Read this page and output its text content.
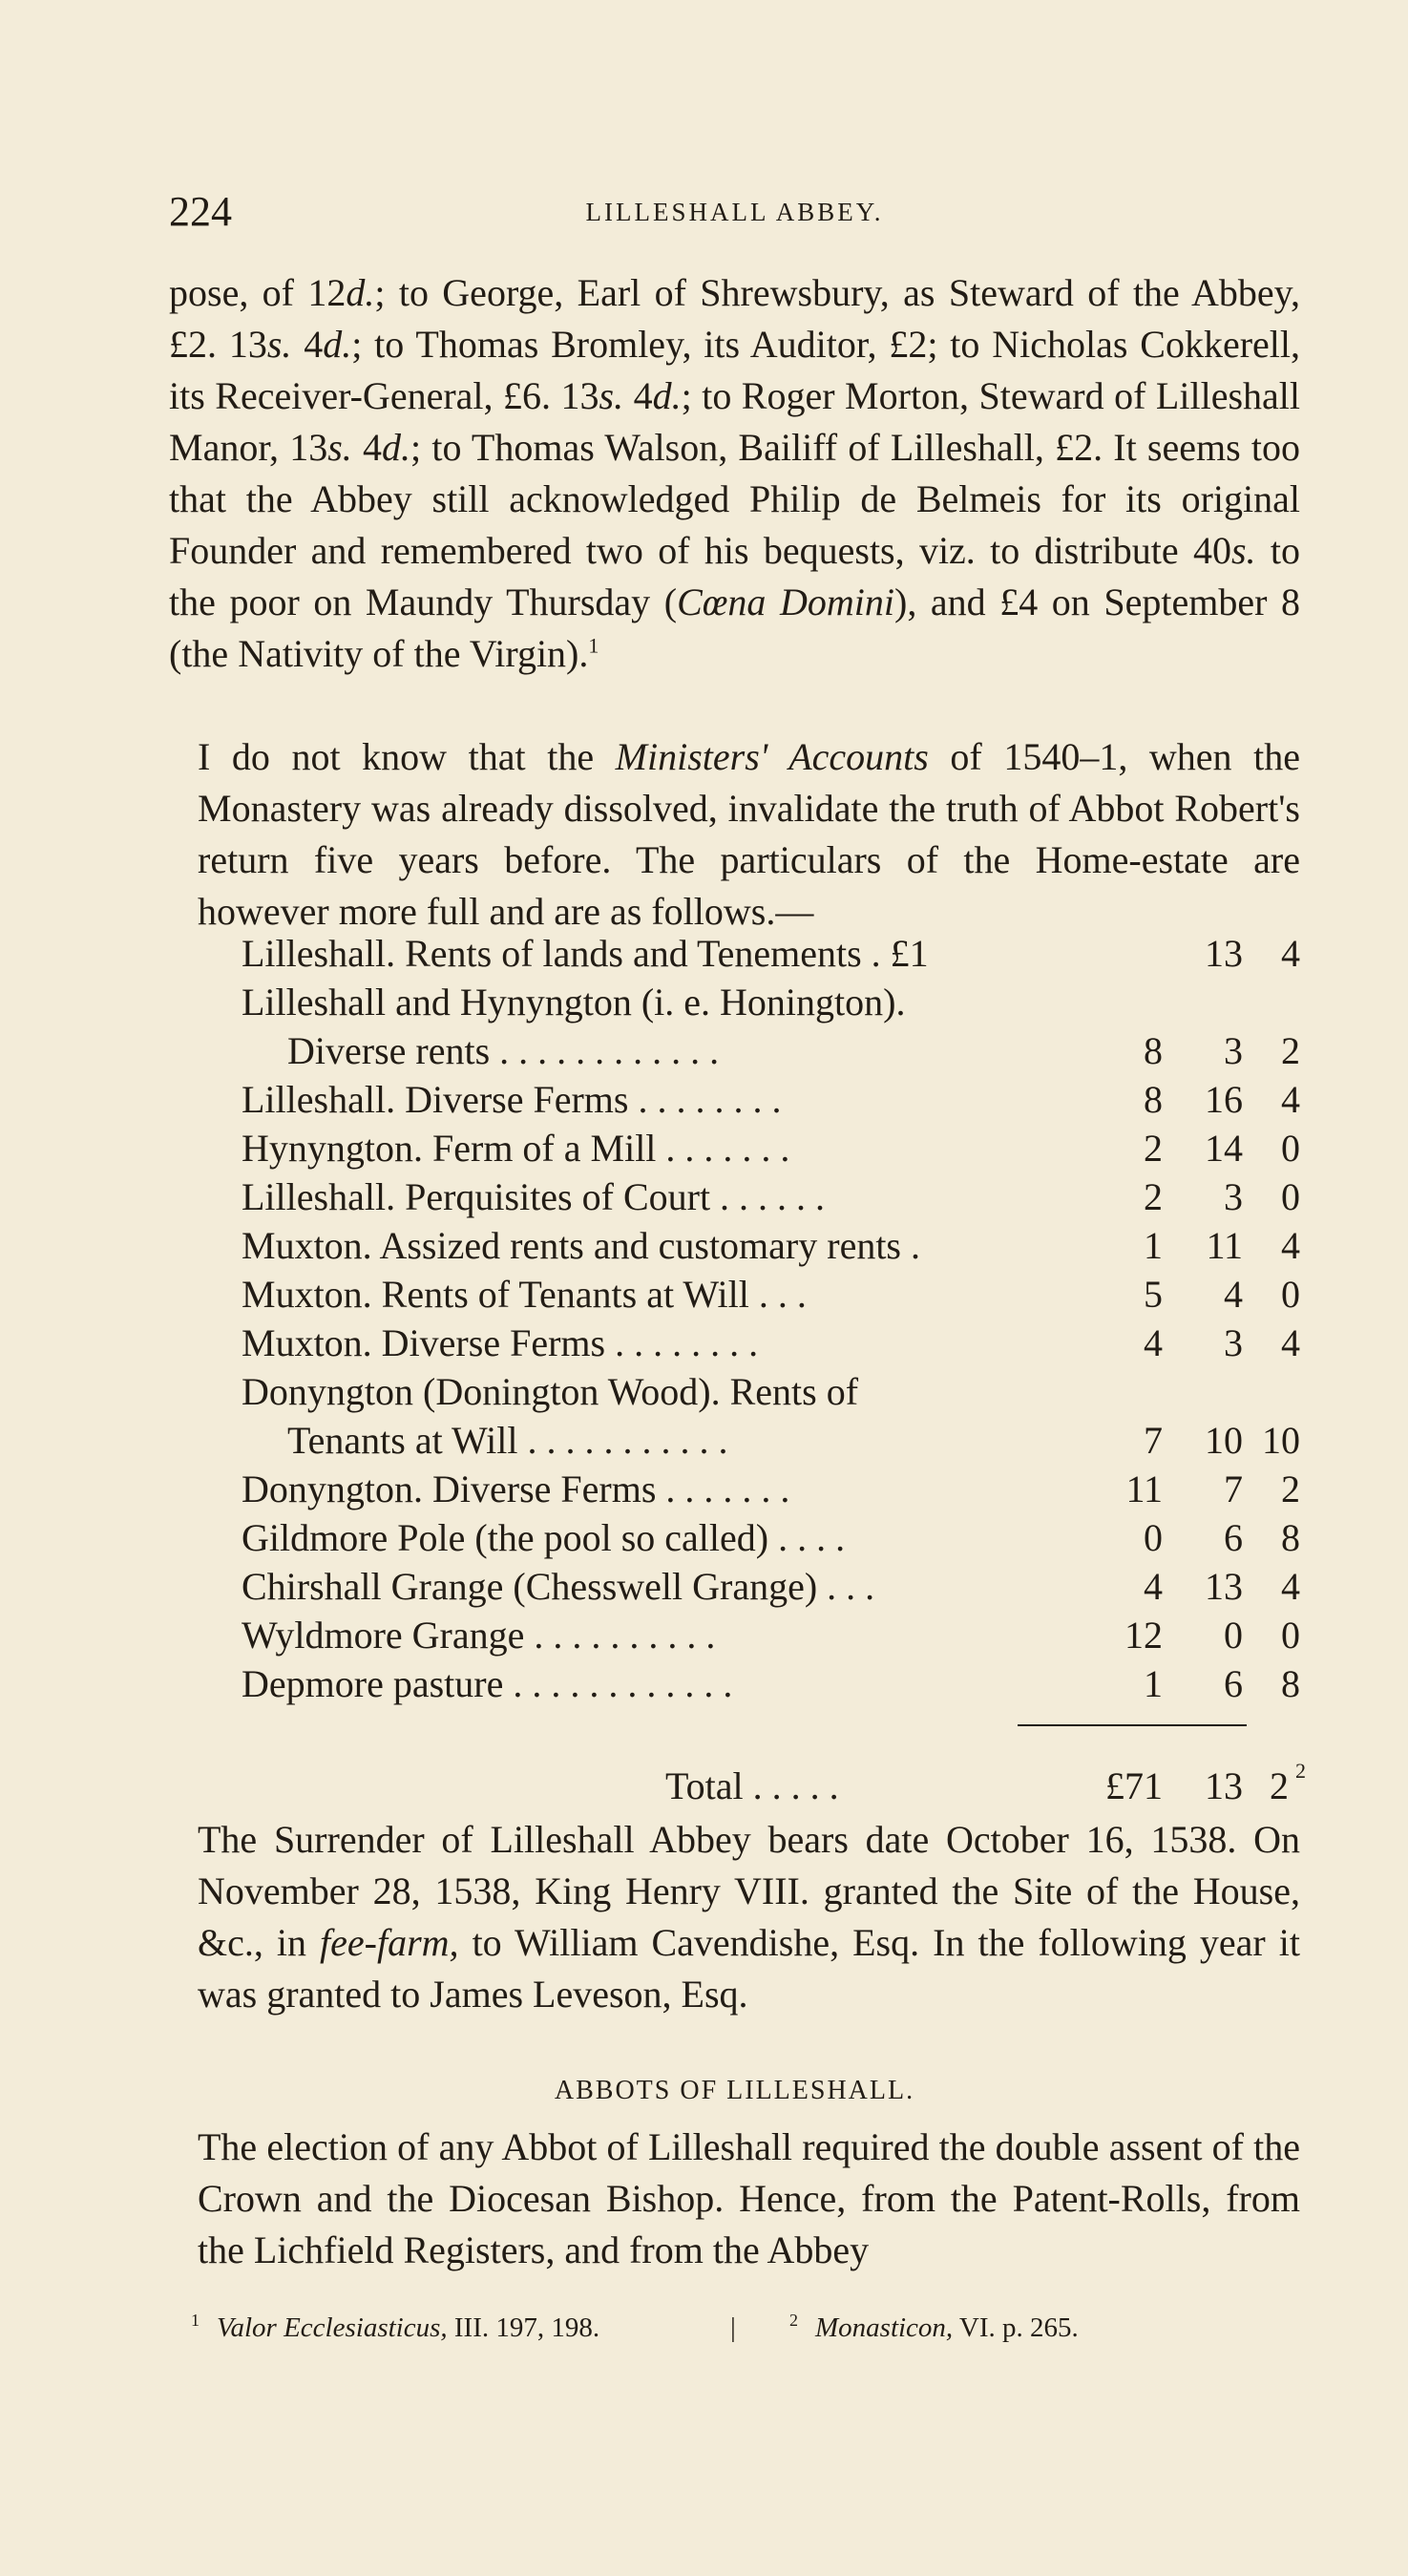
224	LILLESHALL ABBEY.

pose, of 12d.; to George, Earl of Shrewsbury, as Steward of the Abbey, £2. 13s. 4d.; to Thomas Bromley, its Auditor, £2; to Nicholas Cokkerell, its Receiver-General, £6. 13s. 4d.; to Roger Morton, Steward of Lilleshall Manor, 13s. 4d.; to Thomas Walson, Bailiff of Lilleshall, £2. It seems too that the Abbey still acknowledged Philip de Belmeis for its original Founder and remembered two of his bequests, viz. to distribute 40s. to the poor on Maundy Thursday (Cœna Domini), and £4 on September 8 (the Nativity of the Virgin).$^1$

I do not know that the Ministers' Accounts of 1540–1, when the Monastery was already dissolved, invalidate the truth of Abbot Robert's return five years before. The particulars of the Home-estate are however more full and are as follows.—

Lilleshall. Rents of lands and Tenements . £1	13 4
Lilleshall and Hynyngton (i. e. Honington).
Diverse rents . . . . . . . . . . . .	8 3 2
Lilleshall. Diverse Ferms . . . . . . . .	8 16 4
Hynyngton. Ferm of a Mill . . . . . . .	2 14 0
Lilleshall. Perquisites of Court . . . . . .	2 3 0
Muxton. Assized rents and customary rents .	1 11 4
Muxton. Rents of Tenants at Will . . .	5 4 0
Muxton. Diverse Ferms . . . . . . . .	4 3 4
Donyngton (Donington Wood). Rents of
Tenants at Will . . . . . . . . . . .	7 10 10
Donyngton. Diverse Ferms . . . . . . .	11 7 2
Gildmore Pole (the pool so called) . . . .	0 6 8
Chirshall Grange (Chesswell Grange) . . .	4 13 4
Wyldmore Grange . . . . . . . . . .	12 0 0
Depmore pasture . . . . . . . . . . . .	1 6 8
Total . . . . .	£71 13 2 2

The Surrender of Lilleshall Abbey bears date October 16, 1538. On November 28, 1538, King Henry VIII. granted the Site of the House, &c., in fee-farm, to William Cavendishe, Esq. In the following year it was granted to James Leveson, Esq.

ABBOTS OF LILLESHALL.

The election of any Abbot of Lilleshall required the double assent of the Crown and the Diocesan Bishop. Hence, from the Patent-Rolls, from the Lichfield Registers, and from the Abbey

$^1$ Valor Ecclesiasticus, III. 197, 198.	|	$^2$ Monasticon, VI. p. 265.
